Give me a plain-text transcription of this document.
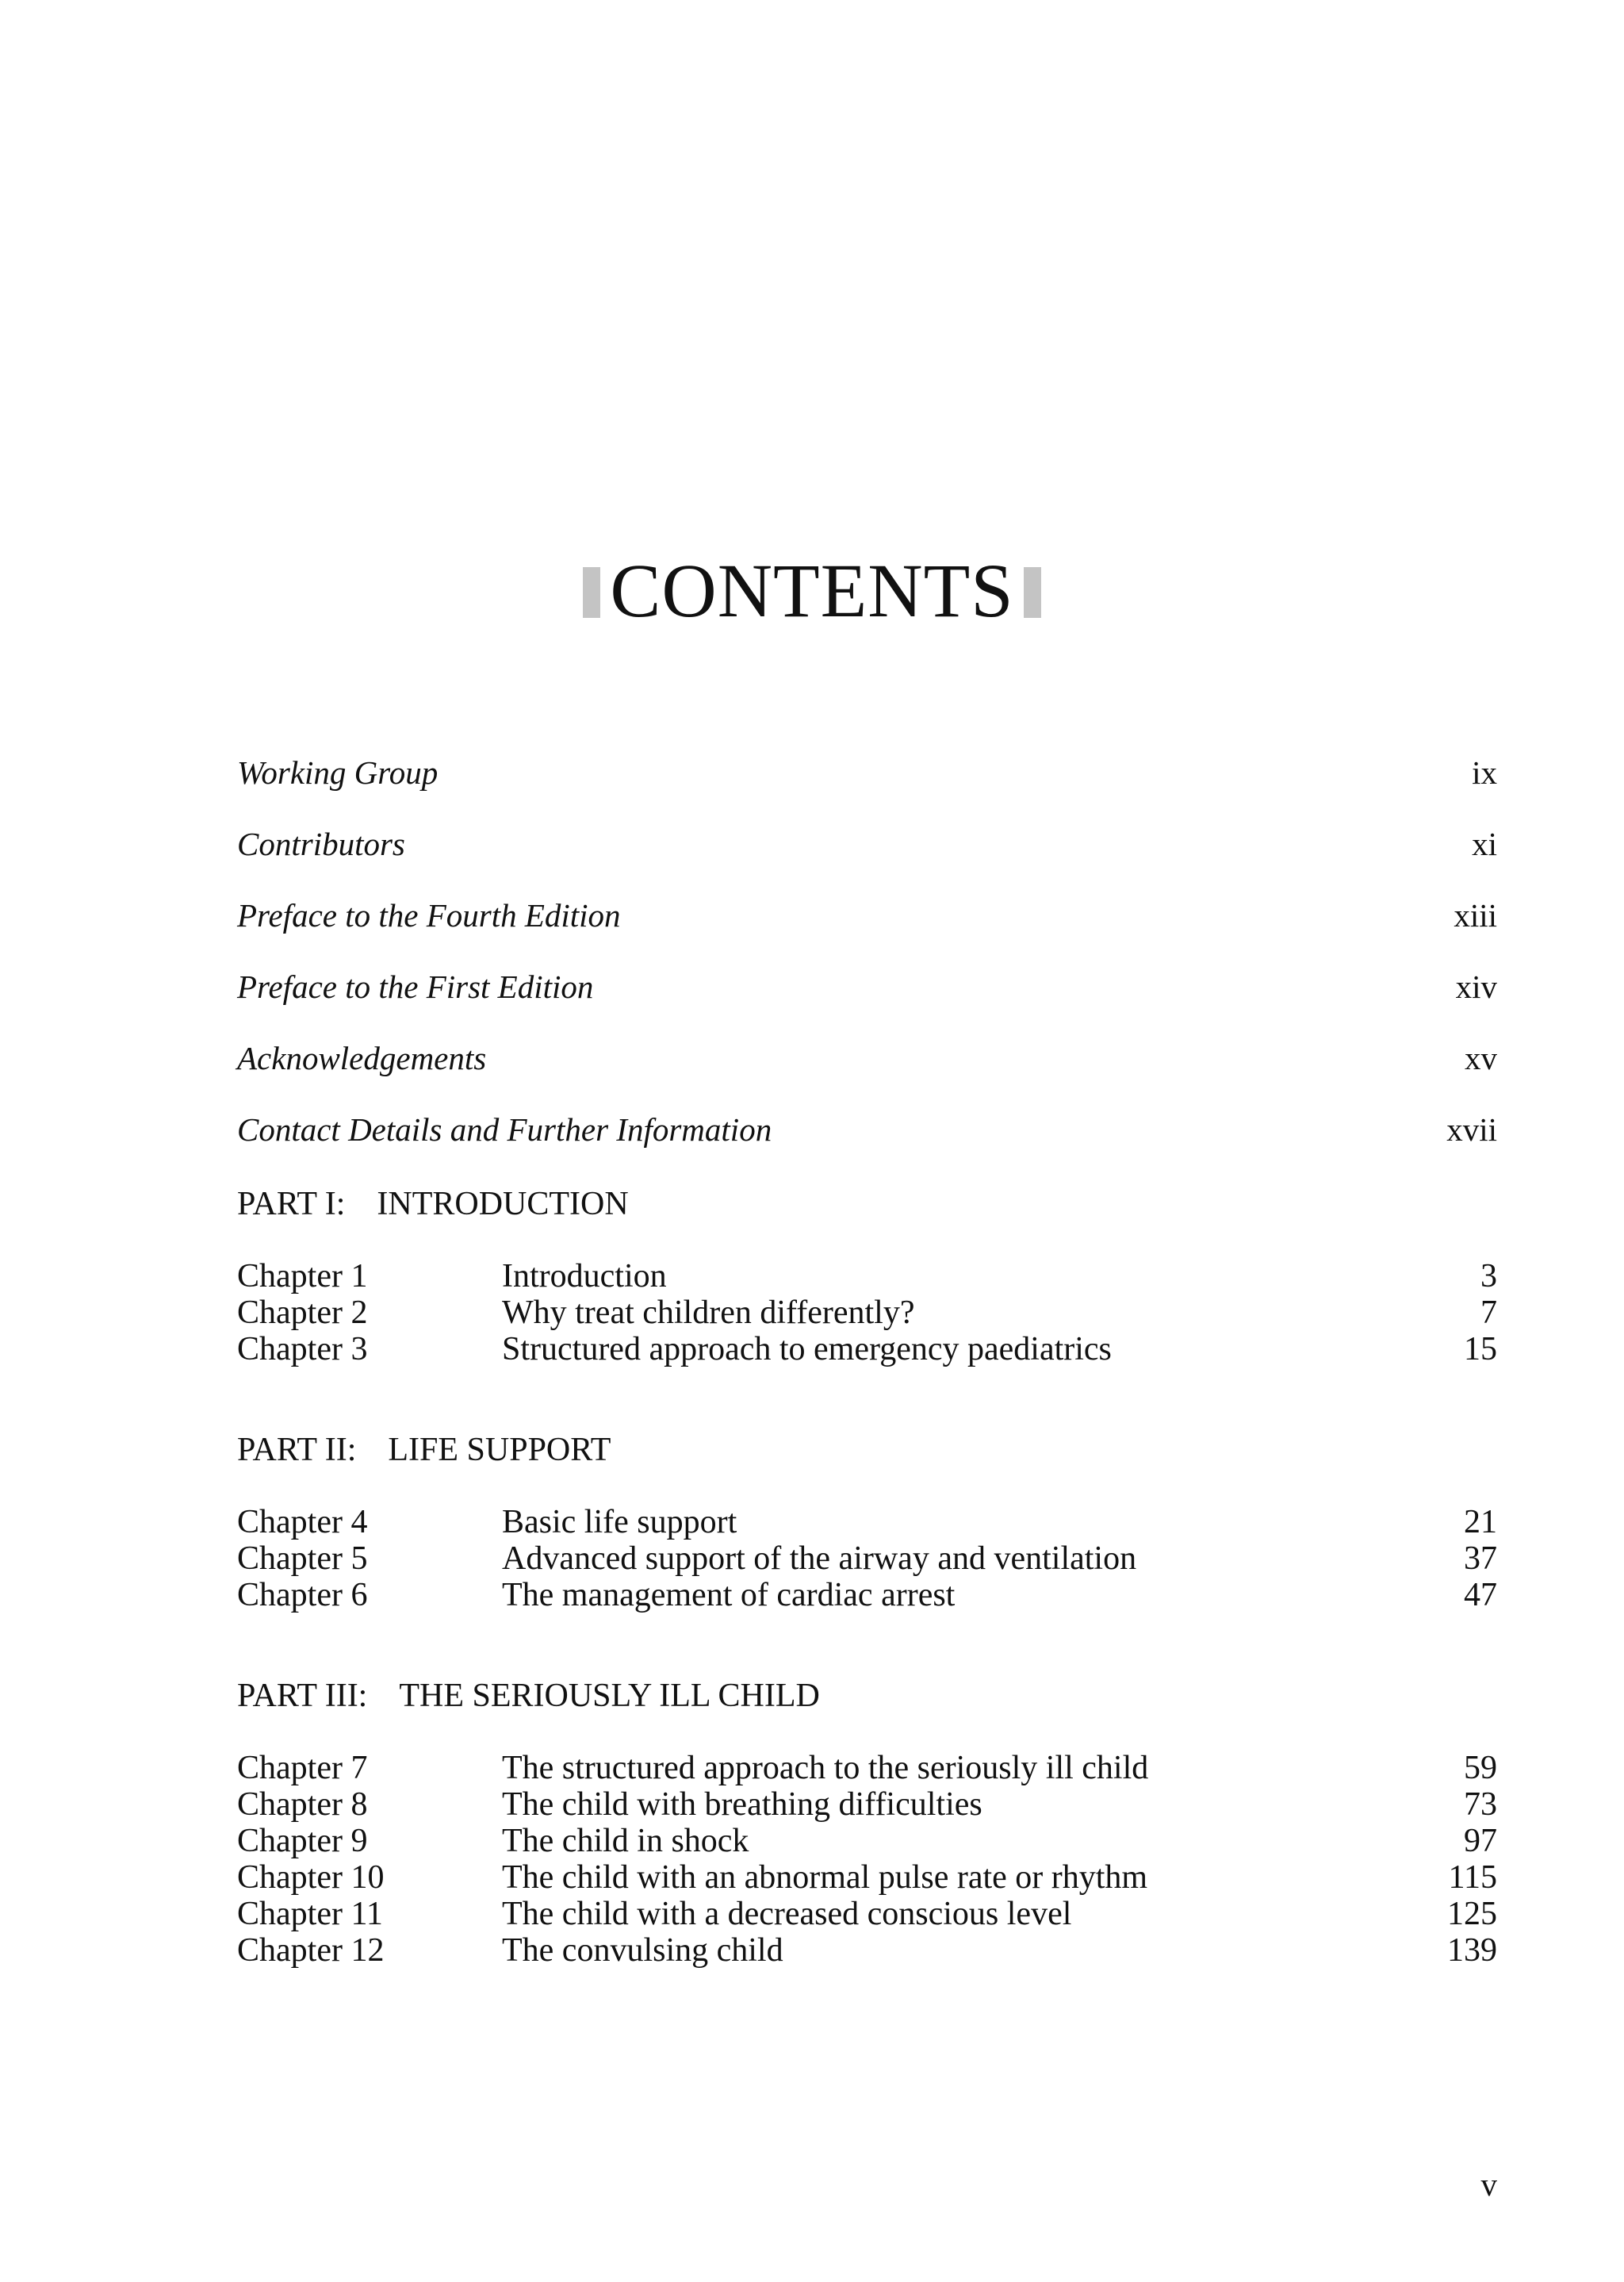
CONTENTS
Working Group	ix
Contributors	xi
Preface to the Fourth Edition	xiii
Preface to the First Edition	xiv
Acknowledgements	xv
Contact Details and Further Information	xvii
PART I: INTRODUCTION
Chapter 1	Introduction	3
Chapter 2	Why treat children differently?	7
Chapter 3	Structured approach to emergency paediatrics	15
PART II: LIFE SUPPORT
Chapter 4	Basic life support	21
Chapter 5	Advanced support of the airway and ventilation	37
Chapter 6	The management of cardiac arrest	47
PART III: THE SERIOUSLY ILL CHILD
Chapter 7	The structured approach to the seriously ill child	59
Chapter 8	The child with breathing difficulties	73
Chapter 9	The child in shock	97
Chapter 10	The child with an abnormal pulse rate or rhythm	115
Chapter 11	The child with a decreased conscious level	125
Chapter 12	The convulsing child	139
v
